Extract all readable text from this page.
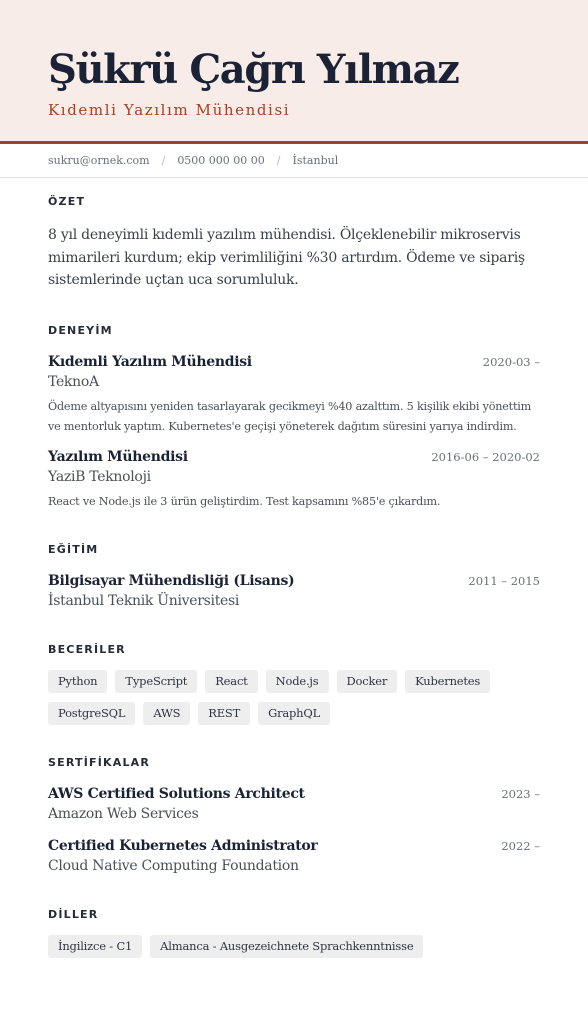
Şükrü Çağrı Yılmaz
Kıdemli Yazılım Mühendisi
sukru@ornek.com / 0500 000 00 00 / İstanbul
ÖZET
8 yıl deneyimli kıdemli yazılım mühendisi. Ölçeklenebilir mikroservis mimarileri kurdum; ekip verimliliğini %30 artırdım. Ödeme ve sipariş sistemlerinde uçtan uca sorumluluk.
DENEYİM
Kıdemli Yazılım Mühendisi	2020-03 –
TeknoA
Ödeme altyapısını yeniden tasarlayarak gecikmeyi %40 azalttım. 5 kişilik ekibi yönettim ve mentorluk yaptım. Kubernetes'e geçişi yöneterek dağıtım süresini yarıya indirdim.
Yazılım Mühendisi	2016-06 – 2020-02
YaziB Teknoloji
React ve Node.js ile 3 ürün geliştirdim. Test kapsamını %85'e çıkardım.
EĞİTİM
Bilgisayar Mühendisliği (Lisans)	2011 – 2015
İstanbul Teknik Üniversitesi
BECERİLER
Python	TypeScript	React	Node.js	Docker	Kubernetes
PostgreSQL	AWS	REST	GraphQL
SERTİFİKALAR
AWS Certified Solutions Architect	2023 –
Amazon Web Services
Certified Kubernetes Administrator	2022 –
Cloud Native Computing Foundation
DİLLER
İngilizce - C1	Almanca - Ausgezeichnete Sprachkenntnisse
